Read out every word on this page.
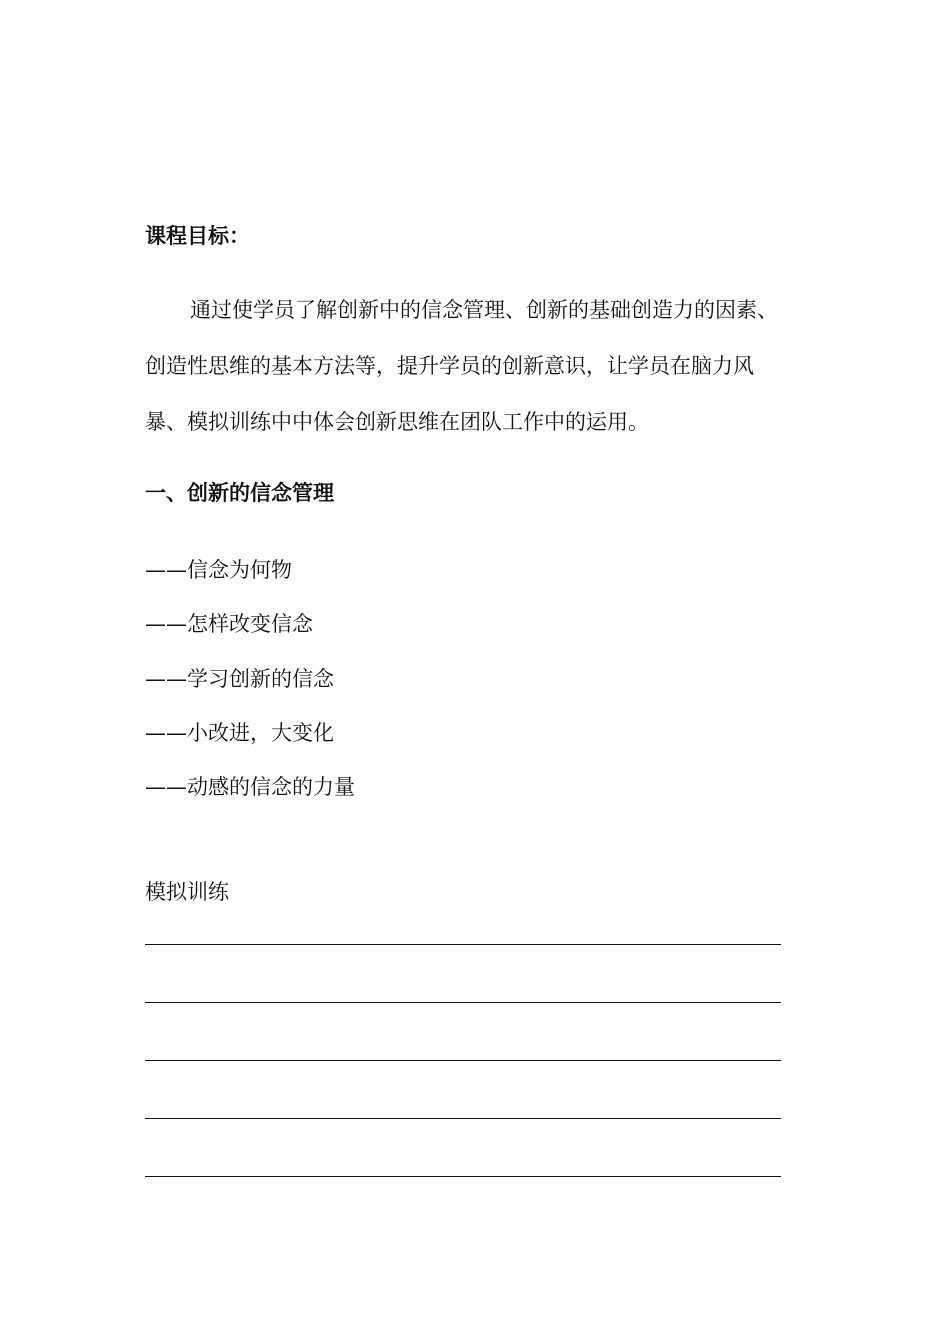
课程目标：
通过使学员了解创新中的信念管理、创新的基础创造力的因素、
创造性思维的基本方法等，提升学员的创新意识，让学员在脑力风
暴、模拟训练中中体会创新思维在团队工作中的运用。
一、创新的信念管理
——信念为何物
——怎样改变信念
——学习创新的信念
——小改进，大变化
——动感的信念的力量
模拟训练
